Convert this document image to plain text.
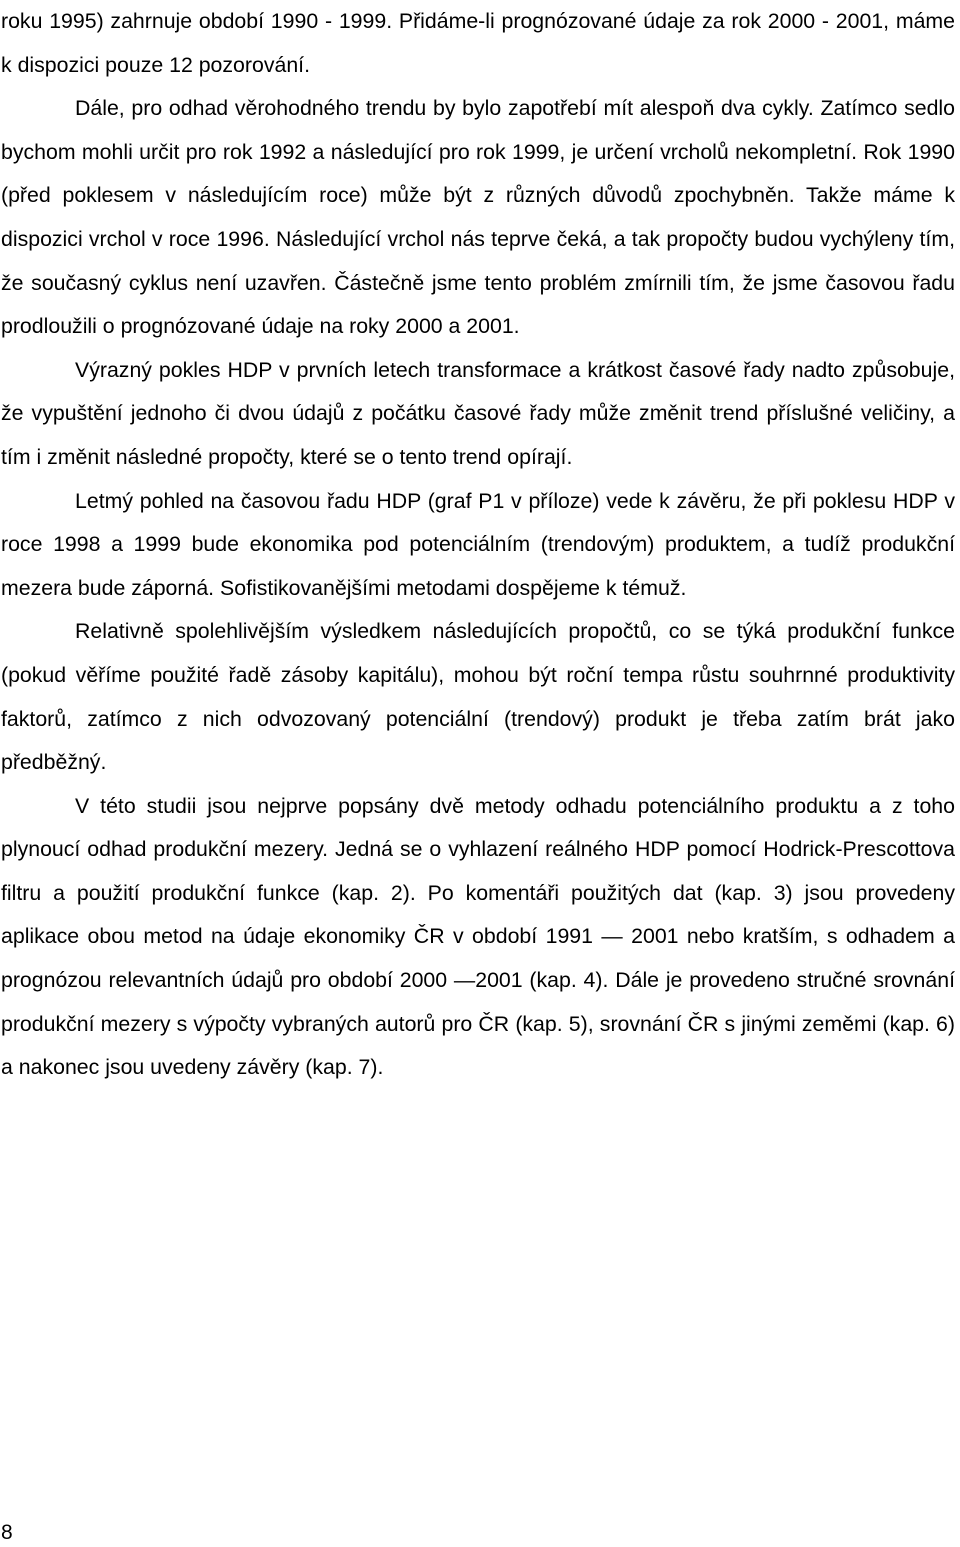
roku 1995) zahrnuje období 1990 - 1999. Přidáme-li prognózované údaje za rok 2000 - 2001, máme k dispozici pouze 12 pozorování.

Dále, pro odhad věrohodného trendu by bylo zapotřebí mít alespoň dva cykly. Zatímco sedlo bychom mohli určit pro rok 1992 a následující pro rok 1999, je určení vrcholů nekompletní. Rok 1990 (před poklesem v následujícím roce) může být z různých důvodů zpochybněn. Takže máme k dispozici vrchol v roce 1996. Následující vrchol nás teprve čeká, a tak propočty budou vychýleny tím, že současný cyklus není uzavřen. Částečně jsme tento problém zmírnili tím, že jsme časovou řadu prodloužili o prognózované údaje na roky 2000 a 2001.

Výrazný pokles HDP v prvních letech transformace a krátkost časové řady nadto způsobuje, že vypuštění jednoho či dvou údajů z počátku časové řady může změnit trend příslušné veličiny, a tím i změnit následné propočty, které se o tento trend opírají.

Letmý pohled na časovou řadu HDP (graf P1 v příloze) vede k závěru, že při poklesu HDP v roce 1998 a 1999 bude ekonomika pod potenciálním (trendovým) produktem, a tudíž produkční mezera bude záporná. Sofistikovanějšími metodami dospějeme k témuž.

Relativně spolehlivějším výsledkem následujících propočtů, co se týká produkční funkce (pokud věříme použité řadě zásoby kapitálu), mohou být roční tempa růstu souhrnné produktivity faktorů, zatímco z nich odvozovaný potenciální (trendový) produkt je třeba zatím brát jako předběžný.

V této studii jsou nejprve popsány dvě metody odhadu potenciálního produktu a z toho plynoucí odhad produkční mezery. Jedná se o vyhlazení reálného HDP pomocí Hodrick-Prescottova filtru a použití produkční funkce (kap. 2). Po komentáři použitých dat (kap. 3) jsou provedeny aplikace obou metod na údaje ekonomiky ČR v období 1991 — 2001 nebo kratším, s odhadem a prognózou relevantních údajů pro období 2000 —2001 (kap. 4). Dále je provedeno stručné srovnání produkční mezery s výpočty vybraných autorů pro ČR (kap. 5), srovnání ČR s jinými zeměmi (kap. 6) a nakonec jsou uvedeny závěry (kap. 7).

8
